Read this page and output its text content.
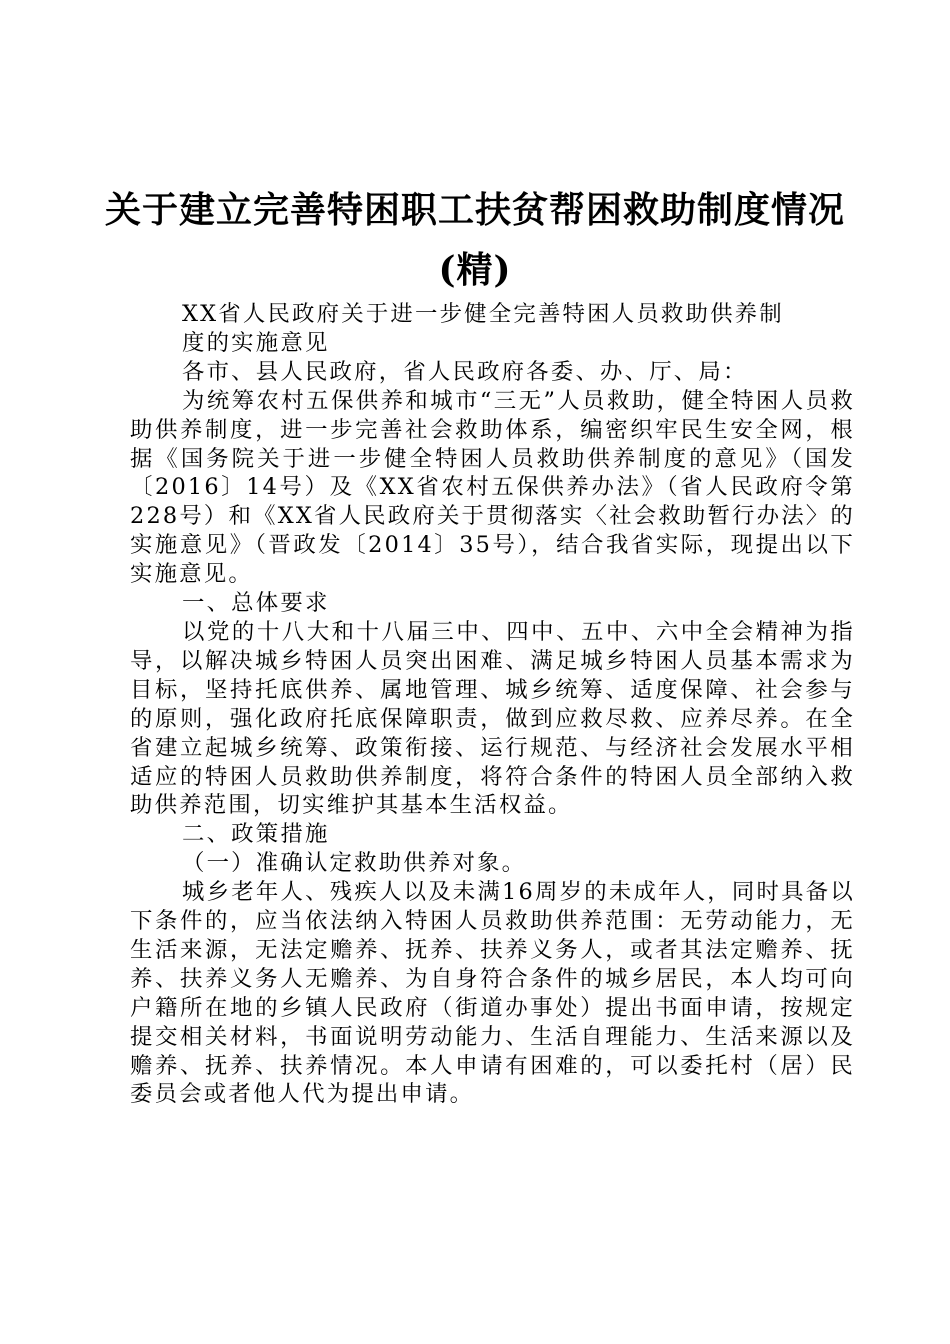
关于建立完善特困职工扶贫帮困救助制度情况
(精)

XX省人民政府关于进一步健全完善特困人员救助供养制

度的实施意见

各市、县人民政府，省人民政府各委、办、厅、局：

为统筹农村五保供养和城市“三无”人员救助，健全特困人员救助供养制度，进一步完善社会救助体系，编密织牢民生安全网，根据《国务院关于进一步健全特困人员救助供养制度的意见》（国发〔2016〕14号）及《XX省农村五保供养办法》（省人民政府令第228号）和《XX省人民政府关于贯彻落实〈社会救助暂行办法〉的实施意见》（晋政发〔2014〕35号），结合我省实际，现提出以下实施意见。

一、总体要求

以党的十八大和十八届三中、四中、五中、六中全会精神为指导，以解决城乡特困人员突出困难、满足城乡特困人员基本需求为目标，坚持托底供养、属地管理、城乡统筹、适度保障、社会参与的原则，强化政府托底保障职责，做到应救尽救、应养尽养。在全省建立起城乡统筹、政策衔接、运行规范、与经济社会发展水平相适应的特困人员救助供养制度，将符合条件的特困人员全部纳入救助供养范围，切实维护其基本生活权益。

二、政策措施

（一）准确认定救助供养对象。

城乡老年人、残疾人以及未满16周岁的未成年人，同时具备以下条件的，应当依法纳入特困人员救助供养范围：无劳动能力，无生活来源，无法定赡养、抚养、扶养义务人，或者其法定赡养、抚养、扶养义务人无赡养、为自身符合条件的城乡居民，本人均可向户籍所在地的乡镇人民政府（街道办事处）提出书面申请，按规定提交相关材料，书面说明劳动能力、生活自理能力、生活来源以及赡养、抚养、扶养情况。本人申请有困难的，可以委托村（居）民委员会或者他人代为提出申请。
